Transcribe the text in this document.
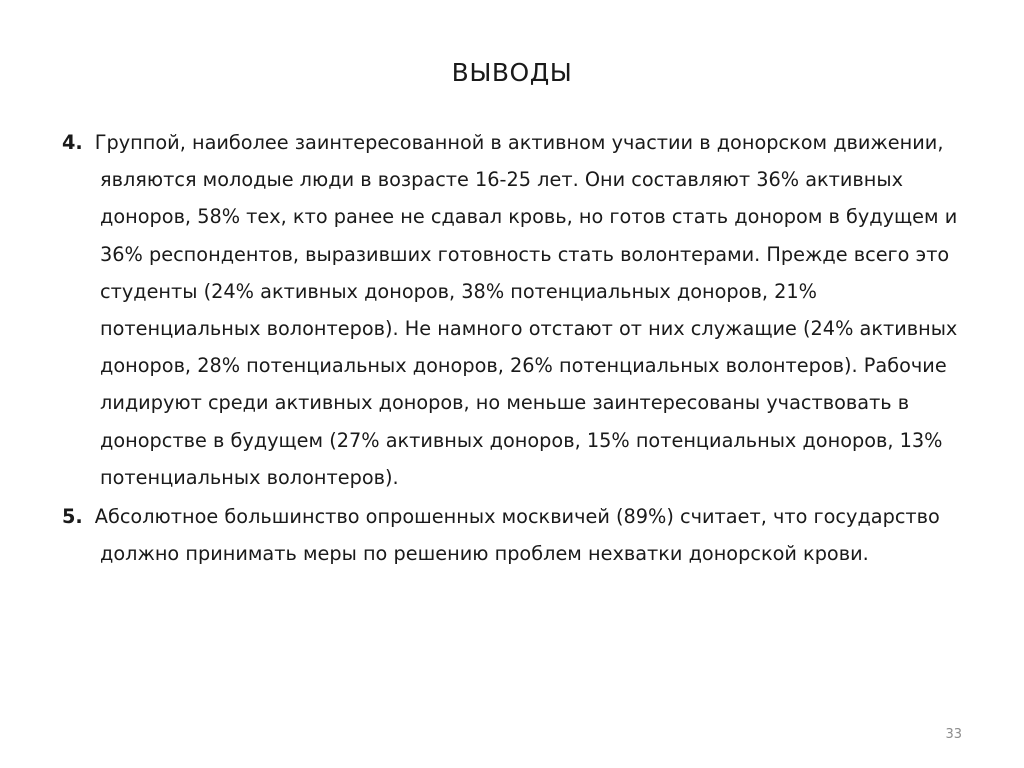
ВЫВОДЫ
4. Группой, наиболее заинтересованной в активном участии в донорском движении, являются молодые люди в возрасте 16-25 лет. Они составляют 36% активных доноров, 58% тех, кто ранее не сдавал кровь, но готов стать донором в будущем и 36% респондентов, выразивших готовность стать волонтерами. Прежде всего это студенты (24% активных доноров, 38% потенциальных доноров, 21% потенциальных волонтеров). Не намного отстают от них служащие (24% активных доноров, 28% потенциальных доноров, 26% потенциальных волонтеров). Рабочие лидируют среди активных доноров, но меньше заинтересованы участвовать в донорстве в будущем (27% активных доноров, 15% потенциальных доноров, 13% потенциальных волонтеров).
5. Абсолютное большинство опрошенных москвичей (89%) считает, что государство должно принимать меры по решению проблем нехватки донорской крови.
33
